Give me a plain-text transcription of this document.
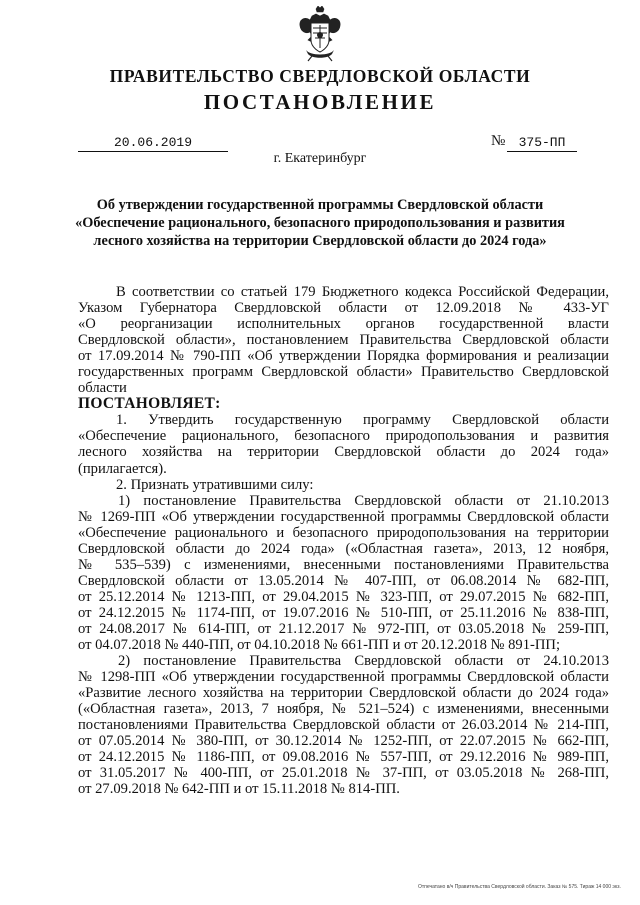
ПРАВИТЕЛЬСТВО СВЕРДЛОВСКОЙ ОБЛАСТИ
ПОСТАНОВЛЕНИЕ
20.06.2019	№	375-ПП
г. Екатеринбург
Об утверждении государственной программы Свердловской области
«Обеспечение рационального, безопасного природопользования и развития
лесного хозяйства на территории Свердловской области до 2024 года»

В соответствии со статьей 179 Бюджетного кодекса Российской Федерации,

Указом Губернатора Свердловской области от 12.09.2018 № 433-УГ

«О реорганизации исполнительных органов государственной власти

Свердловской области», постановлением Правительства Свердловской области

от 17.09.2014 № 790-ПП «Об утверждении Порядка формирования и реализации

государственных программ Свердловской области» Правительство Свердловской

области

ПОСТАНОВЛЯЕТ:

1. Утвердить государственную программу Свердловской области

«Обеспечение рационального, безопасного природопользования и развития

лесного хозяйства на территории Свердловской области до 2024 года»

(прилагается).

2. Признать утратившими силу:

1) постановление Правительства Свердловской области от 21.10.2013

№ 1269-ПП «Об утверждении государственной программы Свердловской области

«Обеспечение рационального и безопасного природопользования на территории

Свердловской области до 2024 года» («Областная газета», 2013, 12 ноября,

№ 535–539) с изменениями, внесенными постановлениями Правительства

Свердловской области от 13.05.2014 № 407-ПП, от 06.08.2014 № 682-ПП,

от 25.12.2014 № 1213-ПП, от 29.04.2015 № 323-ПП, от 29.07.2015 № 682-ПП,

от 24.12.2015 № 1174-ПП, от 19.07.2016 № 510-ПП, от 25.11.2016 № 838-ПП,

от 24.08.2017 № 614-ПП, от 21.12.2017 № 972-ПП, от 03.05.2018 № 259-ПП,

от 04.07.2018 № 440-ПП, от 04.10.2018 № 661-ПП и от 20.12.2018 № 891-ПП;

2) постановление Правительства Свердловской области от 24.10.2013

№ 1298-ПП «Об утверждении государственной программы Свердловской области

«Развитие лесного хозяйства на территории Свердловской области до 2024 года»

(«Областная газета», 2013, 7 ноября, № 521–524) с изменениями, внесенными

постановлениями Правительства Свердловской области от 26.03.2014 № 214-ПП,

от 07.05.2014 № 380-ПП, от 30.12.2014 № 1252-ПП, от 22.07.2015 № 662-ПП,

от 24.12.2015 № 1186-ПП, от 09.08.2016 № 557-ПП, от 29.12.2016 № 989-ПП,

от 31.05.2017 № 400-ПП, от 25.01.2018 № 37-ПП, от 03.05.2018 № 268-ПП,

от 27.09.2018 № 642-ПП и от 15.11.2018 № 814-ПП.

Отпечатано в/ч Правительства Свердловской области. Заказ № 575. Тираж 14 000 экз.
